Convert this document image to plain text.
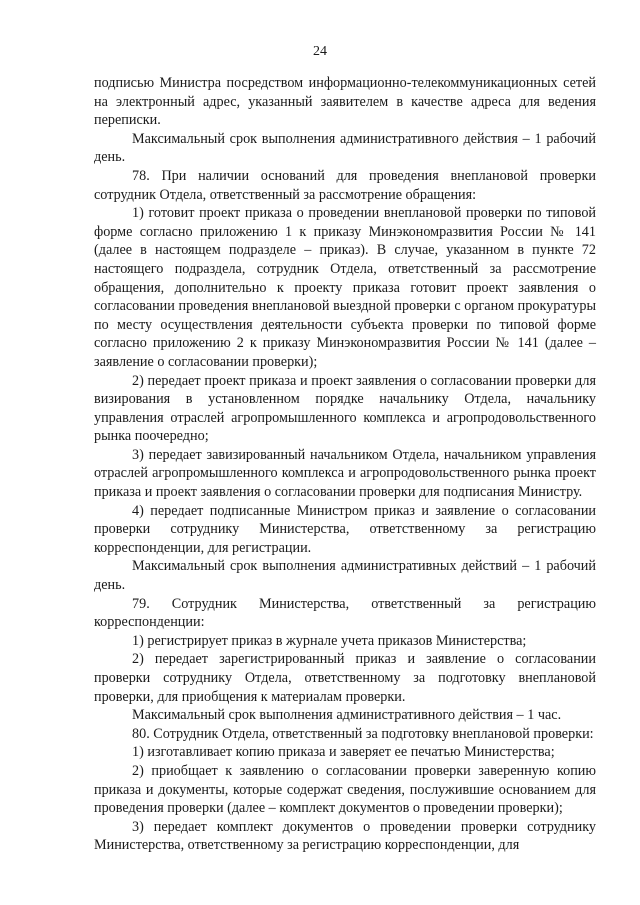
24

подписью Министра посредством информационно-телекоммуникационных сетей на электронный адрес, указанный заявителем в качестве адреса для ведения переписки.

Максимальный срок выполнения административного действия – 1 рабочий день.

78. При наличии оснований для проведения внеплановой проверки сотрудник Отдела, ответственный за рассмотрение обращения:

1) готовит проект приказа о проведении внеплановой проверки по типовой форме согласно приложению 1 к приказу Минэкономразвития России № 141 (далее в настоящем подразделе – приказ). В случае, указанном в пункте 72 настоящего подраздела, сотрудник Отдела, ответственный за рассмотрение обращения, дополнительно к проекту приказа готовит проект заявления о согласовании проведения внеплановой выездной проверки с органом прокуратуры по месту осуществления деятельности субъекта проверки по типовой форме согласно приложению 2 к приказу Минэкономразвития России № 141 (далее – заявление о согласовании проверки);

2) передает проект приказа и проект заявления о согласовании проверки для визирования в установленном порядке начальнику Отдела, начальнику управления отраслей агропромышленного комплекса и агропродовольственного рынка поочередно;

3) передает завизированный начальником Отдела, начальником управления отраслей агропромышленного комплекса и агропродовольственного рынка проект приказа и проект заявления о согласовании проверки для подписания Министру.

4) передает подписанные Министром приказ и заявление о согласовании проверки сотруднику Министерства, ответственному за регистрацию корреспонденции, для регистрации.

Максимальный срок выполнения административных действий – 1 рабочий день.

79. Сотрудник Министерства, ответственный за регистрацию корреспонденции:

1) регистрирует приказ в журнале учета приказов Министерства;

2) передает зарегистрированный приказ и заявление о согласовании проверки сотруднику Отдела, ответственному за подготовку внеплановой проверки, для приобщения к материалам проверки.

Максимальный срок выполнения административного действия – 1 час.

80. Сотрудник Отдела, ответственный за подготовку внеплановой проверки:

1) изготавливает копию приказа и заверяет ее печатью Министерства;

2) приобщает к заявлению о согласовании проверки заверенную копию приказа и документы, которые содержат сведения, послужившие основанием для проведения проверки (далее – комплект документов о проведении проверки);

3) передает комплект документов о проведении проверки сотруднику Министерства, ответственному за регистрацию корреспонденции, для
